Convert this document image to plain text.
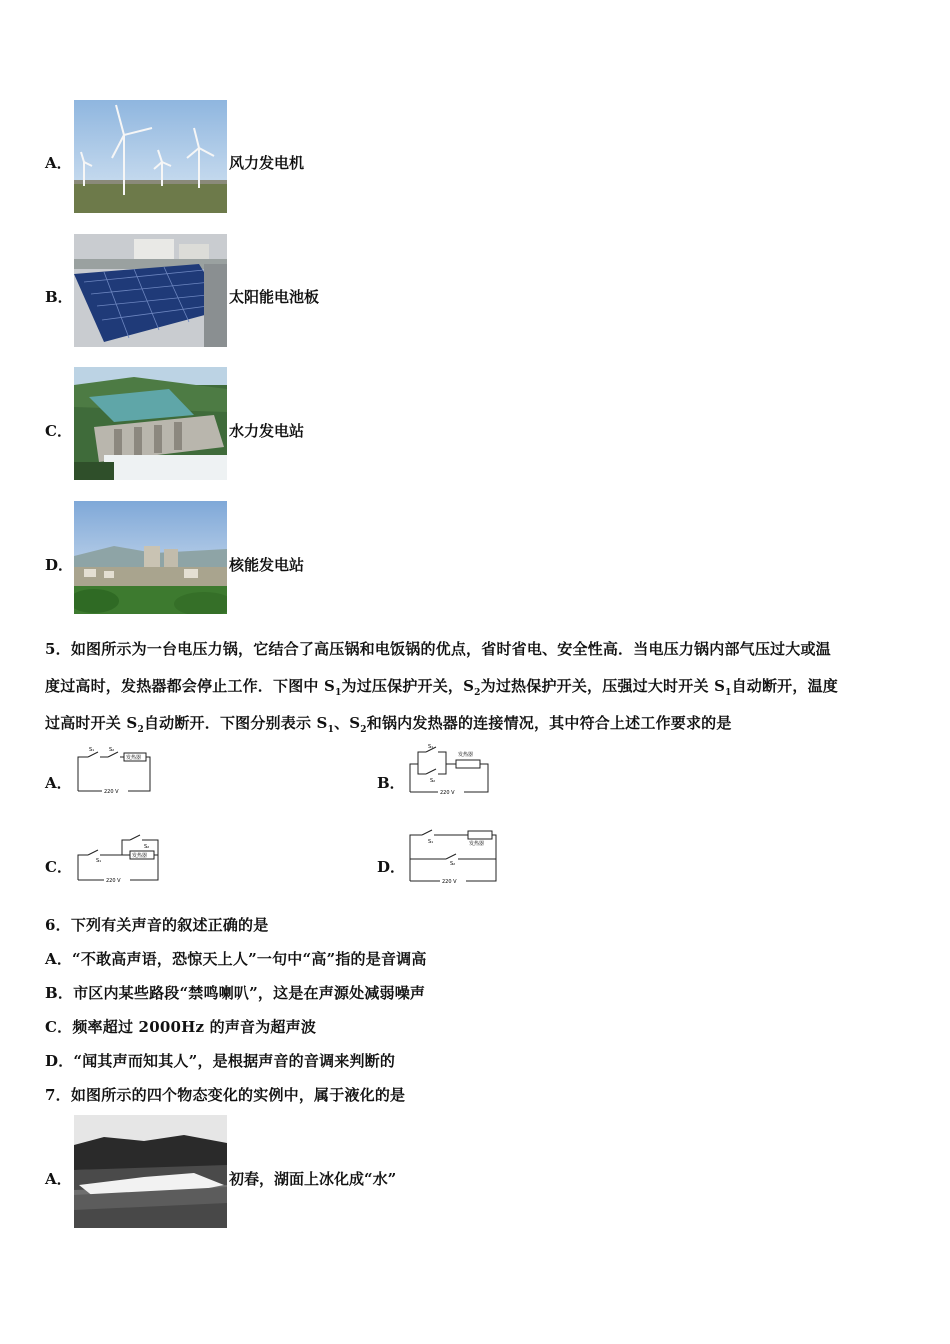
A．	风力发电机
B．	太阳能电池板
C．	水力发电站
D．	核能发电站
5．如图所示为一台电压力锅，它结合了高压锅和电饭锅的优点，省时省电、安全性高．当电压力锅内部气压过大或温
度过高时，发热器都会停止工作．下图中 $S_1$为过压保护开关，$S_2$为过热保护开关，压强过大时开关 $S_1$自动断开，温度
过高时开关 $S_2$自动断开．下图分别表示 $S_1$、$S_2$和锅内发热器的连接情况，其中符合上述工作要求的是
A．
S₁	S₂
发热器
220 V	B．
S₁
S₂
发热器
220 V
C．	S₁
S₂
发热器
220 V
D．
S₁
S₂
发热器
220 V
6．下列有关声音的叙述正确的是
A．“不敢高声语，恐惊天上人”一句中“高”指的是音调高
B．市区内某些路段“禁鸣喇叭”，这是在声源处减弱噪声
C．频率超过 2000Hz 的声音为超声波
D．“闻其声而知其人”，是根据声音的音调来判断的
7．如图所示的四个物态变化的实例中，属于液化的是
A．	初春，湖面上冰化成“水”
